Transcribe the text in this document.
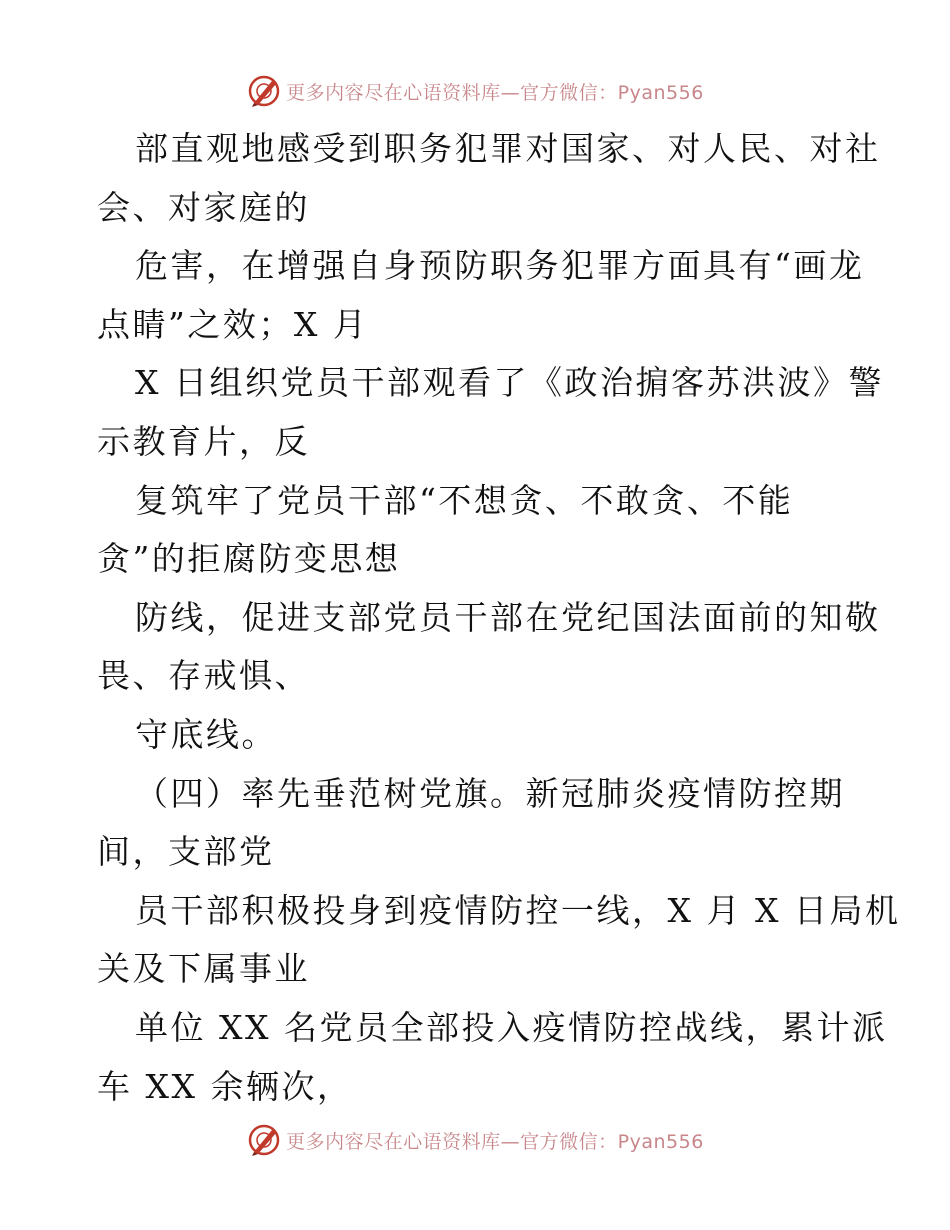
更多内容尽在心语资料库—官方微信：Pyan556
部直观地感受到职务犯罪对国家、对人民、对社
会、对家庭的
危害，在增强自身预防职务犯罪方面具有“画龙
点睛”之效；X 月
X 日组织党员干部观看了《政治掮客苏洪波》警
示教育片，反
复筑牢了党员干部“不想贪、不敢贪、不能
贪”的拒腐防变思想
防线，促进支部党员干部在党纪国法面前的知敬
畏、存戒惧、
守底线。
（四）率先垂范树党旗。新冠肺炎疫情防控期
间，支部党
员干部积极投身到疫情防控一线，X 月 X 日局机
关及下属事业
单位 XX 名党员全部投入疫情防控战线，累计派
车 XX 余辆次，
更多内容尽在心语资料库—官方微信：Pyan556
